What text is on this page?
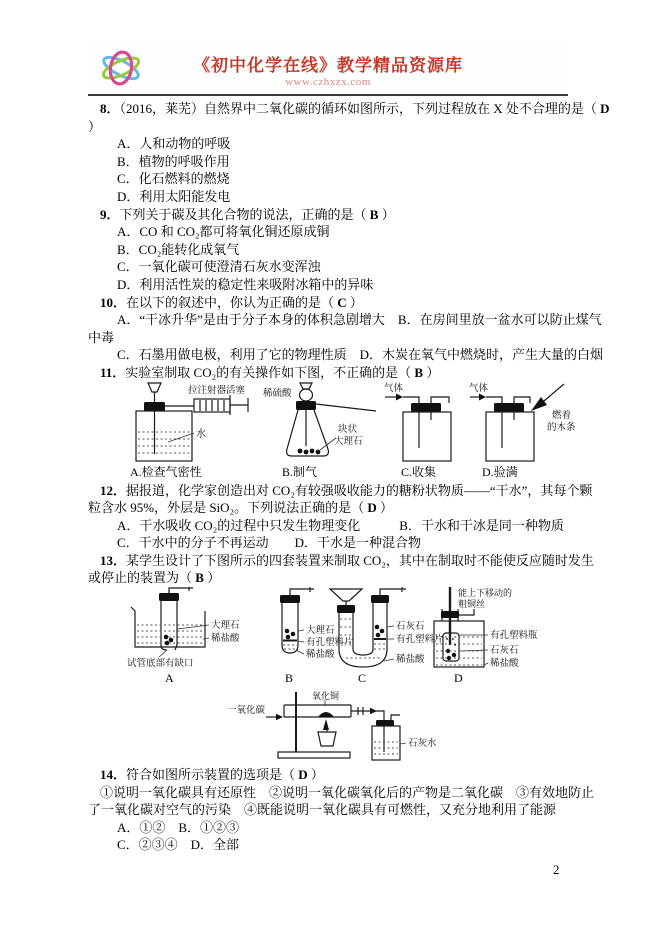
《初中化学在线》教学精品资源库
www.czhxzx.com
8．（2016，莱芜）自然界中二氧化碳的循环如图所示，下列过程放在 X 处不合理的是（ D
）
A．人和动物的呼吸
B．植物的呼吸作用
C．化石燃料的燃烧
D．利用太阳能发电
9．下列关于碳及其化合物的说法，正确的是（ B ）
A．CO 和 CO₂都可将氧化铜还原成铜
B．CO₂能转化成氧气
C．一氧化碳可使澄清石灰水变浑浊
D．利用活性炭的稳定性来吸附冰箱中的异味
10．在以下的叙述中，你认为正确的是（ C ）
A．“干冰升华”是由于分子本身的体积急剧增大　B．在房间里放一盆水可以防止煤气
中毒
C．石墨用做电极，利用了它的物理性质　D．木炭在氧气中燃烧时，产生大量的白烟
11．实验室制取 CO₂的有关操作如下图，不正确的是（ B ）
拉注射器活塞
水
A.检查气密性
稀硫酸
块状
大理石
B.制气
气体
C.收集
气体
燃着
的木条
D.验满
12．据报道，化学家创造出对 CO₂有较强吸收能力的糖粉状物质——“干水”，其每个颗
粒含水 95%，外层是 SiO₂。下列说法正确的是（ D ）
A．干水吸收 CO₂的过程中只发生物理变化　　　B．干水和干冰是同一种物质
C．干水中的分子不再运动　　D．干水是一种混合物
13．某学生设计了下图所示的四套装置来制取 CO₂，其中在制取时不能使反应随时发生
或停止的装置为（ B ）
大理石
稀盐酸
试管底部有缺口
A
大理石
有孔塑料片
稀盐酸
B
石灰石
有孔塑料片
稀盐酸
C
能上下移动的
粗铜丝
有孔塑料瓶
石灰石
稀盐酸
D
一氧化碳
氧化铜
石灰水
14．符合如图所示装置的选项是（ D ）
①说明一氧化碳具有还原性　②说明一氧化碳氧化后的产物是二氧化碳　③有效地防止
了一氧化碳对空气的污染　④既能说明一氧化碳具有可燃性，又充分地利用了能源
A．①②　B．①②③
C．②③④　D．全部
2
